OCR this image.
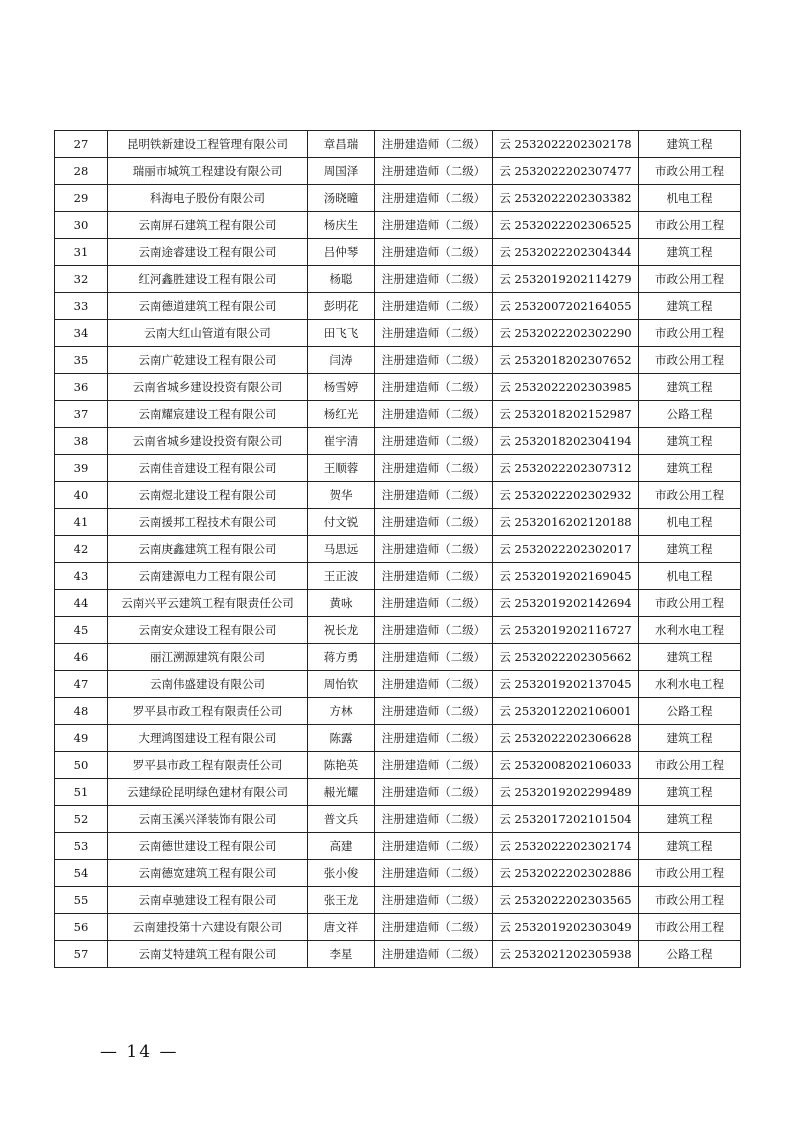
27	昆明铁新建设工程管理有限公司	章昌瑞	注册建造师（二级）	云 2532022202302178	建筑工程
28	瑞丽市城筑工程建设有限公司	周国泽	注册建造师（二级）	云 2532022202307477	市政公用工程
29	科海电子股份有限公司	汤晓曈	注册建造师（二级）	云 2532022202303382	机电工程
30	云南屏石建筑工程有限公司	杨庆生	注册建造师（二级）	云 2532022202306525	市政公用工程
31	云南途睿建设工程有限公司	吕仲琴	注册建造师（二级）	云 2532022202304344	建筑工程
32	红河鑫胜建设工程有限公司	杨聪	注册建造师（二级）	云 2532019202114279	市政公用工程
33	云南德道建筑工程有限公司	彭明花	注册建造师（二级）	云 2532007202164055	建筑工程
34	云南大红山管道有限公司	田飞飞	注册建造师（二级）	云 2532022202302290	市政公用工程
35	云南广乾建设工程有限公司	闫涛	注册建造师（二级）	云 2532018202307652	市政公用工程
36	云南省城乡建设投资有限公司	杨雪婷	注册建造师（二级）	云 2532022202303985	建筑工程
37	云南耀宸建设工程有限公司	杨红光	注册建造师（二级）	云 2532018202152987	公路工程
38	云南省城乡建设投资有限公司	崔宇清	注册建造师（二级）	云 2532018202304194	建筑工程
39	云南佳音建设工程有限公司	王顺蓉	注册建造师（二级）	云 2532022202307312	建筑工程
40	云南煜北建设工程有限公司	贺华	注册建造师（二级）	云 2532022202302932	市政公用工程
41	云南援邦工程技术有限公司	付文锐	注册建造师（二级）	云 2532016202120188	机电工程
42	云南庚鑫建筑工程有限公司	马思远	注册建造师（二级）	云 2532022202302017	建筑工程
43	云南建源电力工程有限公司	王正波	注册建造师（二级）	云 2532019202169045	机电工程
44	云南兴平云建筑工程有限责任公司	黄咏	注册建造师（二级）	云 2532019202142694	市政公用工程
45	云南安众建设工程有限公司	祝长龙	注册建造师（二级）	云 2532019202116727	水利水电工程
46	丽江溯源建筑有限公司	蒋方勇	注册建造师（二级）	云 2532022202305662	建筑工程
47	云南伟盛建设有限公司	周怡钦	注册建造师（二级）	云 2532019202137045	水利水电工程
48	罗平县市政工程有限责任公司	方林	注册建造师（二级）	云 2532012202106001	公路工程
49	大理鸿图建设工程有限公司	陈露	注册建造师（二级）	云 2532022202306628	建筑工程
50	罗平县市政工程有限责任公司	陈艳英	注册建造师（二级）	云 2532008202106033	市政公用工程
51	云建绿砼昆明绿色建材有限公司	赧光耀	注册建造师（二级）	云 2532019202299489	建筑工程
52	云南玉溪兴泽装饰有限公司	普文兵	注册建造师（二级）	云 2532017202101504	建筑工程
53	云南德世建设工程有限公司	高建	注册建造师（二级）	云 2532022202302174	建筑工程
54	云南德宽建筑工程有限公司	张小俊	注册建造师（二级）	云 2532022202302886	市政公用工程
55	云南卓驰建设工程有限公司	张王龙	注册建造师（二级）	云 2532022202303565	市政公用工程
56	云南建投第十六建设有限公司	唐文祥	注册建造师（二级）	云 2532019202303049	市政公用工程
57	云南艾特建筑工程有限公司	李星	注册建造师（二级）	云 2532021202305938	公路工程
— 14 —
